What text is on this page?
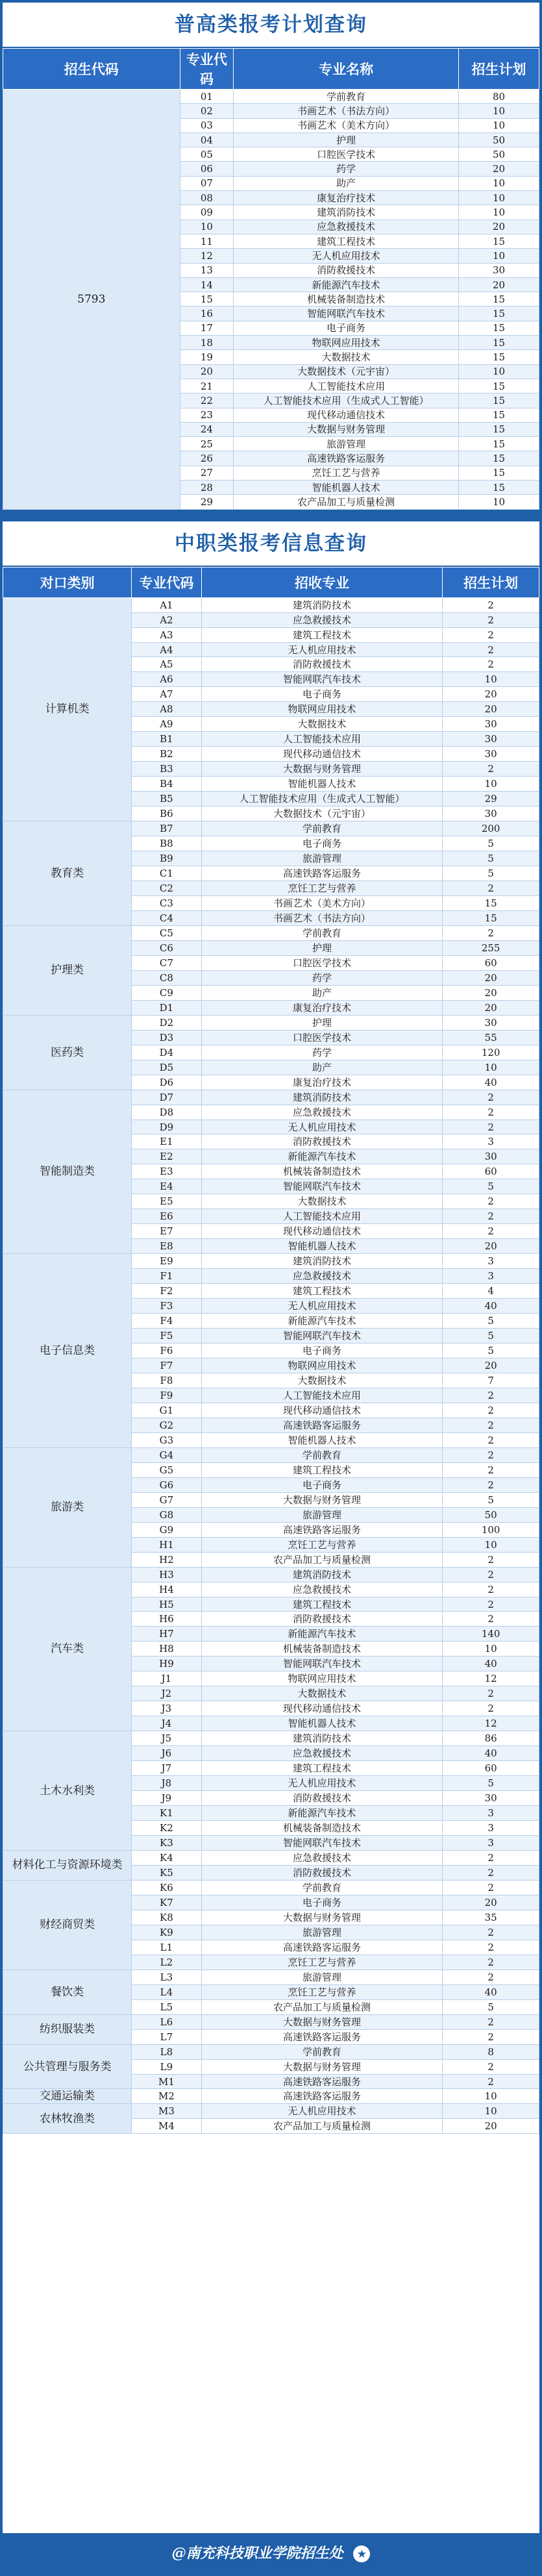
普高类报考计划查询
招生代码	专业代码	专业名称	招生计划
5793	01	学前教育	80
	02	书画艺术（书法方向）	10
	03	书画艺术（美术方向）	10
	04	护理	50
	05	口腔医学技术	50
	06	药学	20
	07	助产	10
	08	康复治疗技术	10
	09	建筑消防技术	10
	10	应急救援技术	20
	11	建筑工程技术	15
	12	无人机应用技术	10
	13	消防救援技术	30
	14	新能源汽车技术	20
	15	机械装备制造技术	15
	16	智能网联汽车技术	15
	17	电子商务	15
	18	物联网应用技术	15
	19	大数据技术	15
	20	大数据技术（元宇宙）	10
	21	人工智能技术应用	15
	22	人工智能技术应用（生成式人工智能）	15
	23	现代移动通信技术	15
	24	大数据与财务管理	15
	25	旅游管理	15
	26	高速铁路客运服务	15
	27	烹饪工艺与营养	15
	28	智能机器人技术	15
	29	农产品加工与质量检测	10
中职类报考信息查询
对口类别	专业代码	招收专业	招生计划
计算机类	A1	建筑消防技术	2
	A2	应急救援技术	2
	A3	建筑工程技术	2
	A4	无人机应用技术	2
	A5	消防救援技术	2
	A6	智能网联汽车技术	10
	A7	电子商务	20
	A8	物联网应用技术	20
	A9	大数据技术	30
	B1	人工智能技术应用	30
	B2	现代移动通信技术	30
	B3	大数据与财务管理	2
	B4	智能机器人技术	10
	B5	人工智能技术应用（生成式人工智能）	29
	B6	大数据技术（元宇宙）	30
教育类	B7	学前教育	200
	B8	电子商务	5
	B9	旅游管理	5
	C1	高速铁路客运服务	5
	C2	烹饪工艺与营养	2
	C3	书画艺术（美术方向）	15
	C4	书画艺术（书法方向）	15
护理类	C5	学前教育	2
	C6	护理	255
	C7	口腔医学技术	60
	C8	药学	20
	C9	助产	20
	D1	康复治疗技术	20
医药类	D2	护理	30
	D3	口腔医学技术	55
	D4	药学	120
	D5	助产	10
	D6	康复治疗技术	40
智能制造类	D7	建筑消防技术	2
	D8	应急救援技术	2
	D9	无人机应用技术	2
	E1	消防救援技术	3
	E2	新能源汽车技术	30
	E3	机械装备制造技术	60
	E4	智能网联汽车技术	5
	E5	大数据技术	2
	E6	人工智能技术应用	2
	E7	现代移动通信技术	2
	E8	智能机器人技术	20
电子信息类	E9	建筑消防技术	3
	F1	应急救援技术	3
	F2	建筑工程技术	4
	F3	无人机应用技术	40
	F4	新能源汽车技术	5
	F5	智能网联汽车技术	5
	F6	电子商务	5
	F7	物联网应用技术	20
	F8	大数据技术	7
	F9	人工智能技术应用	2
	G1	现代移动通信技术	2
	G2	高速铁路客运服务	2
	G3	智能机器人技术	2
旅游类	G4	学前教育	2
	G5	建筑工程技术	2
	G6	电子商务	2
	G7	大数据与财务管理	5
	G8	旅游管理	50
	G9	高速铁路客运服务	100
	H1	烹饪工艺与营养	10
	H2	农产品加工与质量检测	2
汽车类	H3	建筑消防技术	2
	H4	应急救援技术	2
	H5	建筑工程技术	2
	H6	消防救援技术	2
	H7	新能源汽车技术	140
	H8	机械装备制造技术	10
	H9	智能网联汽车技术	40
	J1	物联网应用技术	12
	J2	大数据技术	2
	J3	现代移动通信技术	2
	J4	智能机器人技术	12
土木水利类	J5	建筑消防技术	86
	J6	应急救援技术	40
	J7	建筑工程技术	60
	J8	无人机应用技术	5
	J9	消防救援技术	30
	K1	新能源汽车技术	3
	K2	机械装备制造技术	3
	K3	智能网联汽车技术	3
材料化工与资源环境类	K4	应急救援技术	2
	K5	消防救援技术	2
财经商贸类	K6	学前教育	2
	K7	电子商务	20
	K8	大数据与财务管理	35
	K9	旅游管理	2
	L1	高速铁路客运服务	2
	L2	烹饪工艺与营养	2
餐饮类	L3	旅游管理	2
	L4	烹饪工艺与营养	40
	L5	农产品加工与质量检测	5
纺织服装类	L6	大数据与财务管理	2
	L7	高速铁路客运服务	2
公共管理与服务类	L8	学前教育	8
	L9	大数据与财务管理	2
	M1	高速铁路客运服务	2
交通运输类	M2	高速铁路客运服务	10
农林牧渔类	M3	无人机应用技术	10
	M4	农产品加工与质量检测	20
@南充科技职业学院招生处 ★
